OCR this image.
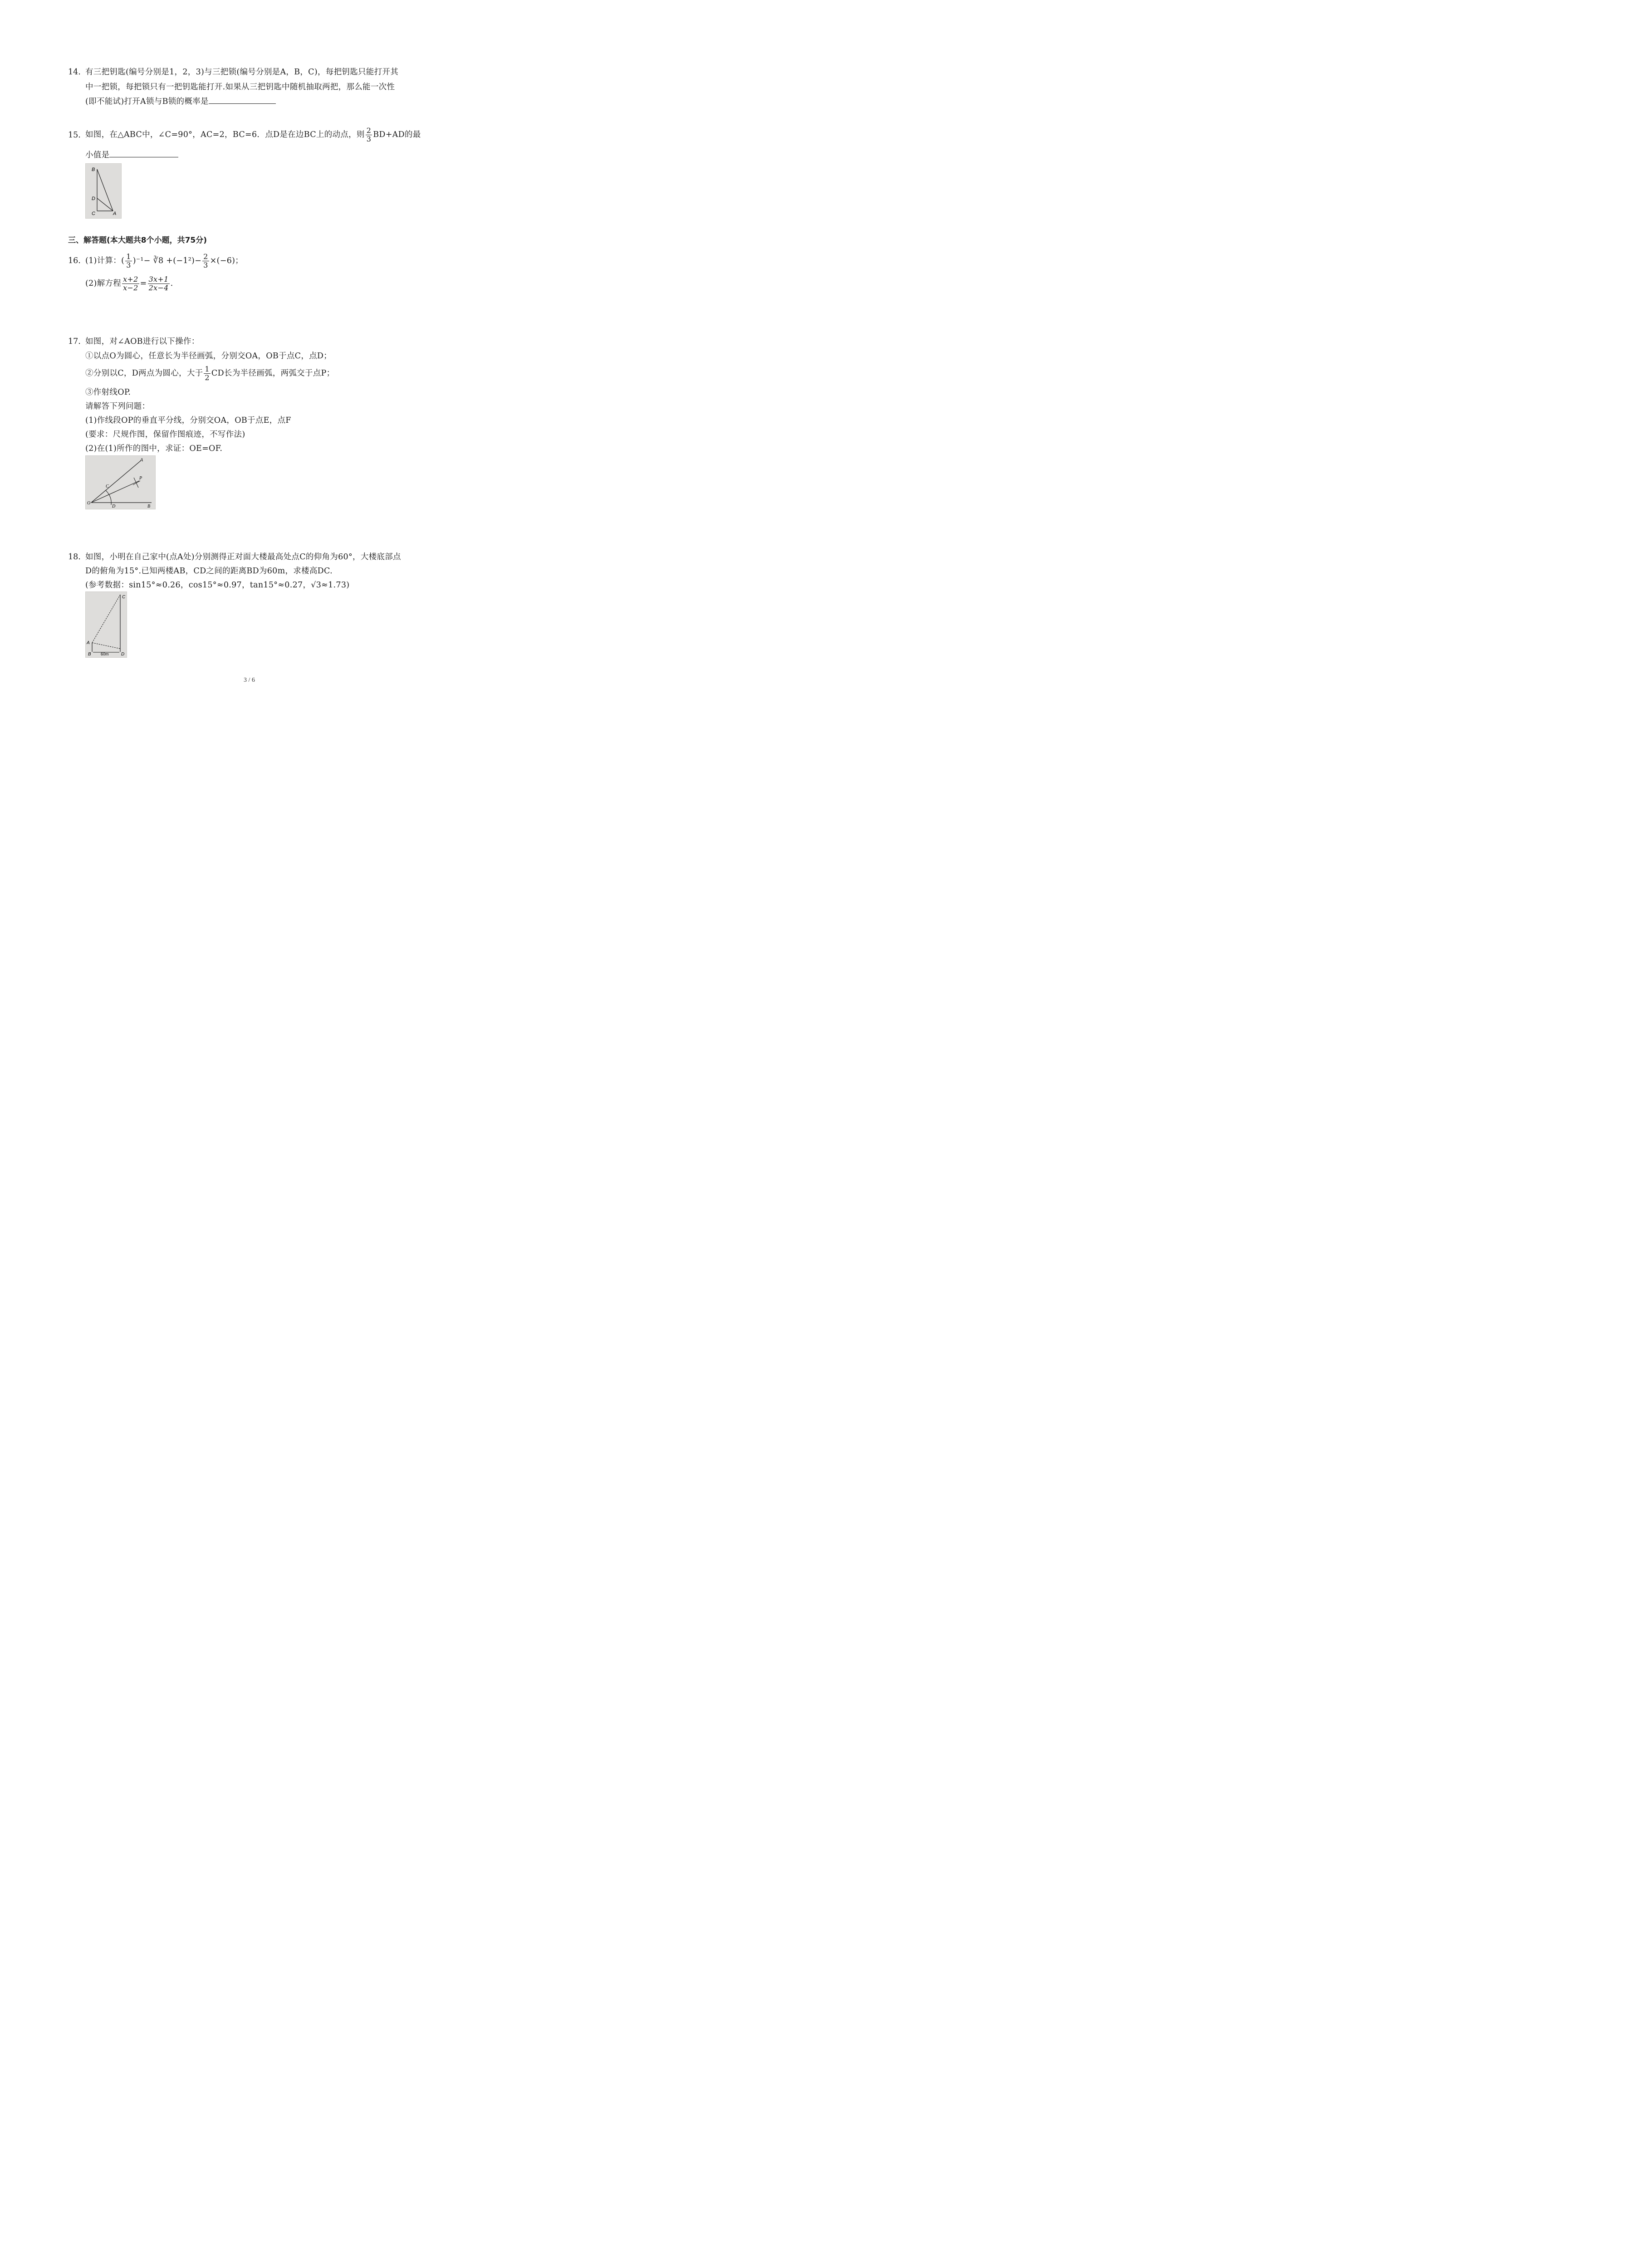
14. 有三把钥匙(编号分别是1，2，3)与三把锁(编号分别是A，B，C)，每把钥匙只能打开其
中一把锁，每把锁只有一把钥匙能打开.如果从三把钥匙中随机抽取两把，那么能一次性
(即不能试)打开A锁与B锁的概率是
15. 如图，在△ABC中，∠C=90°，AC=2，BC=6．点D是在边BC上的动点，则 $\frac{2}{3} BD+AD$的最
小值是
B
D
C	A
三、解答题(本大题共8个小题，共75分)
16. (1)计算：( $\frac{1}{3} )^{-1}-$ ∛8 $+(-1^2)- \frac{2}{3} \times(-6)$；
(2)解方程 $\frac{x+2}{x-2} = \frac{3x+1}{2x-4}$ .
17. 如图，对∠AOB进行以下操作：
①以点O为圆心，任意长为半径画弧，分别交OA，OB于点C，点D；
②分别以C，D两点为圆心，大于 $\frac{1}{2}$ CD长为半径画弧，两弧交于点P；
③作射线OP.
请解答下列问题：
(1)作线段OP的垂直平分线，分别交OA，OB于点E，点F
(要求：尺规作图，保留作图痕迹，不写作法)
(2)在(1)所作的图中，求证：OE=OF.
A
C
P
O
D	B
18. 如图，小明在自己家中(点A处)分别测得正对面大楼最高处点C的仰角为60°，大楼底部点
D的俯角为15°.已知两楼AB，CD之间的距离BD为60m，求楼高DC.
(参考数据：sin15°≈0.26，cos15°≈0.97，tan15°≈0.27，√3≈1.73)
C
A
B 60m	D
3 / 6
